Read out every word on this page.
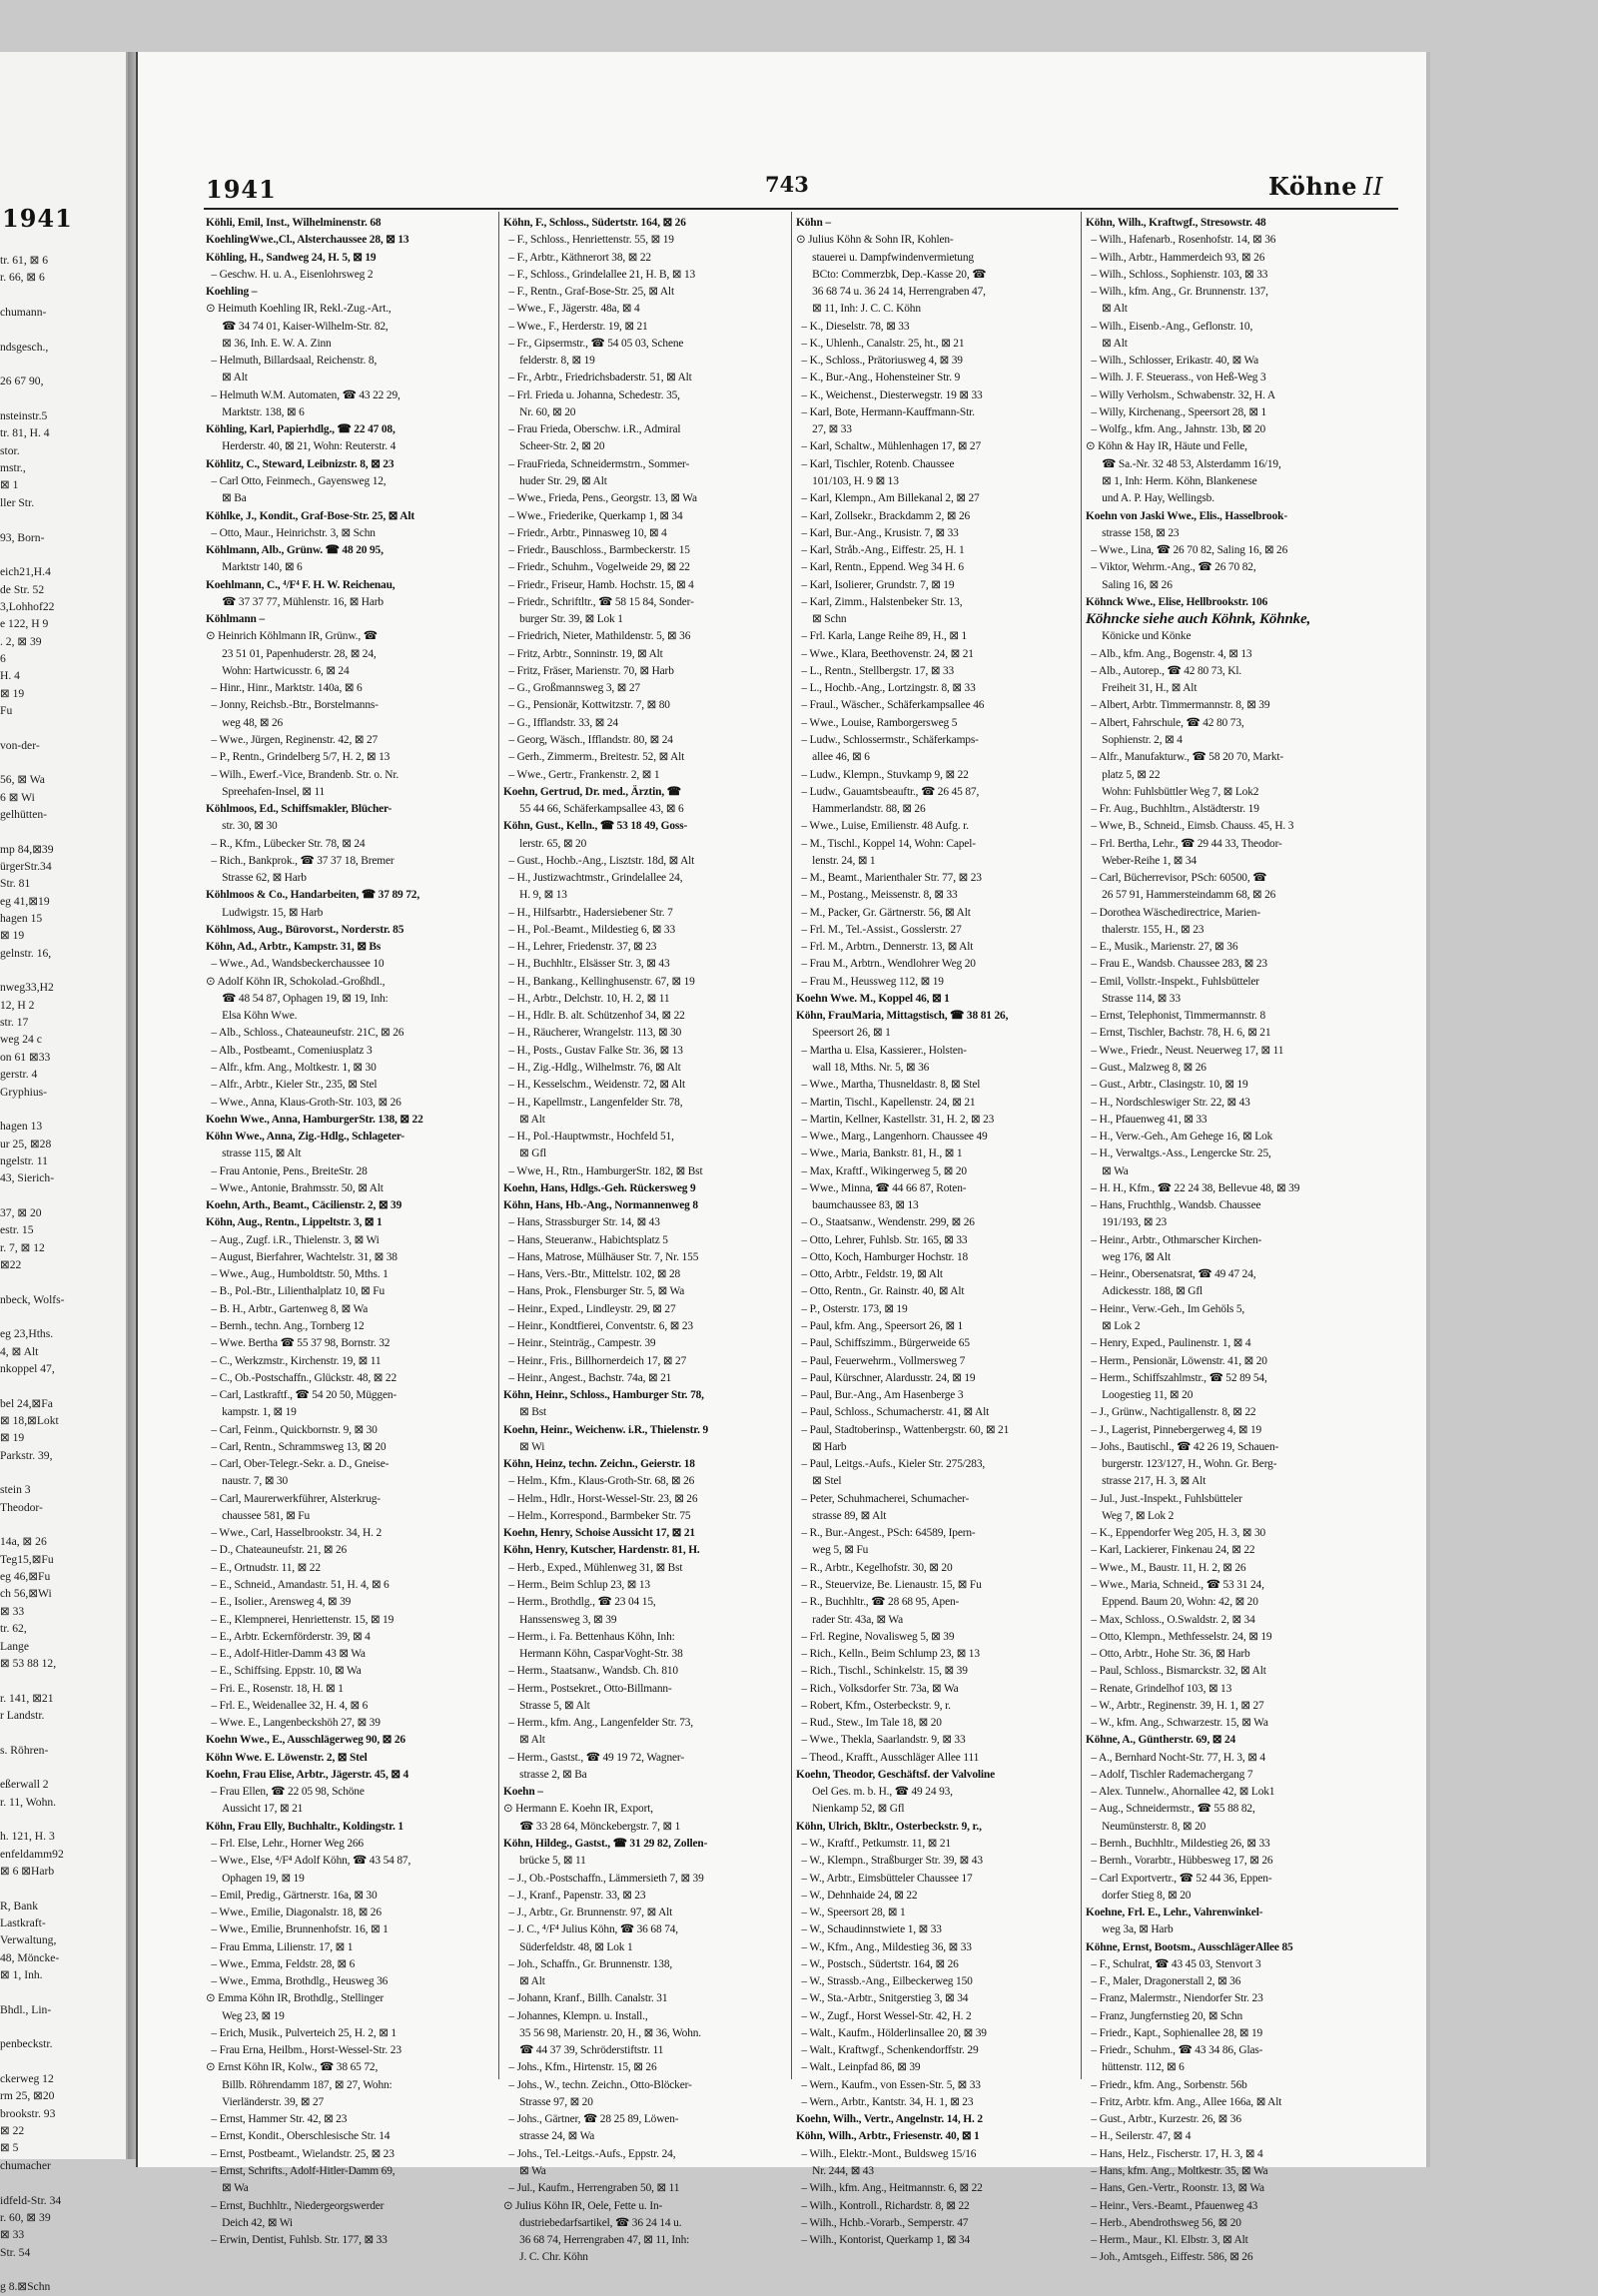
1941
tr. 61, ⊠ 6
r. 66, ⊠ 6

chumann-

ndsgesch.,

26 67 90,

nsteinstr.5
tr. 81, H. 4
stor.
mstr.,
⊠ 1
ller Str.

93, Born-

eich21,H.4
de Str. 52
3,Lohhof22
e 122, H 9
. 2, ⊠ 39
6
H. 4
⊠ 19
Fu

von-der-

56, ⊠ Wa
6 ⊠ Wi
gelhütten-

mp 84,⊠39
ürgerStr.34
Str. 81
eg 41,⊠19
hagen 15
⊠ 19
gelnstr. 16,

nweg33,H2
12, H 2
str. 17
weg 24 c
on 61 ⊠33
gerstr. 4
Gryphius-

hagen 13
ur 25, ⊠28
ngelstr. 11
43, Sierich-

37, ⊠ 20
estr. 15
r. 7, ⊠ 12
⊠22

nbeck, Wolfs-

eg 23,Hths.
4, ⊠ Alt
nkoppel 47,

bel 24,⊠Fa
⊠ 18,⊠Lokt
⊠ 19
Parkstr. 39,

stein 3
Theodor-

14a, ⊠ 26
Teg15,⊠Fu
eg 46,⊠Fu
ch 56,⊠Wi
⊠ 33
tr. 62,
Lange
⊠ 53 88 12,

r. 141, ⊠21
r Landstr.

s. Röhren-

eßerwall 2
r. 11, Wohn.

h. 121, H. 3
enfeldamm92
⊠ 6 ⊠Harb

R, Bank
Lastkraft-
Verwaltung,
48, Möncke-
⊠ 1, Inh.

Bhdl., Lin-

penbeckstr.

ckerweg 12
rm 25, ⊠20
brookstr. 93
⊠ 22
⊠ 5
chumacher

idfeld-Str. 34
r. 60, ⊠ 39
⊠ 33
Str. 54

g 8.⊠Schn
1941	743	Köhne II
Köhli, Emil, Inst., Wilhelminenstr. 68
KoehlingWwe.,Cl., Alsterchaussee 28, ⊠ 13
Köhling, H., Sandweg 24, H. 5, ⊠ 19
– Geschw. H. u. A., Eisenlohrsweg 2
Koehling –
⊙ Heimuth Koehling IR, Rekl.-Zug.-Art.,
☎ 34 74 01, Kaiser-Wilhelm-Str. 82,
⊠ 36, Inh. E. W. A. Zinn
– Helmuth, Billardsaal, Reichenstr. 8,
⊠ Alt
– Helmuth W.M. Automaten, ☎ 43 22 29,
Marktstr. 138, ⊠ 6
Köhling, Karl, Papierhdlg., ☎ 22 47 08,
Herderstr. 40, ⊠ 21, Wohn: Reuterstr. 4
Köhlitz, C., Steward, Leibnizstr. 8, ⊠ 23
– Carl Otto, Feinmech., Gayensweg 12,
⊠ Ba
Köhlke, J., Kondit., Graf-Bose-Str. 25, ⊠ Alt
– Otto, Maur., Heinrichstr. 3, ⊠ Schn
Köhlmann, Alb., Grünw. ☎ 48 20 95,
Marktstr 140, ⊠ 6
Koehlmann, C., ⁴/F⁴ F. H. W. Reichenau,
☎ 37 37 77, Mühlenstr. 16, ⊠ Harb
Köhlmann –
⊙ Heinrich Köhlmann IR, Grünw., ☎
23 51 01, Papenhuderstr. 28, ⊠ 24,
Wohn: Hartwicusstr. 6, ⊠ 24
– Hinr., Hinr., Marktstr. 140a, ⊠ 6
– Jonny, Reichsb.-Btr., Borstelmanns-
weg 48, ⊠ 26
– Wwe., Jürgen, Reginenstr. 42, ⊠ 27
– P., Rentn., Grindelberg 5/7, H. 2, ⊠ 13
– Wilh., Ewerf.-Vice, Brandenb. Str. o. Nr.
Spreehafen-Insel, ⊠ 11
Köhlmoos, Ed., Schiffsmakler, Blücher-
str. 30, ⊠ 30
– R., Kfm., Lübecker Str. 78, ⊠ 24
– Rich., Bankprok., ☎ 37 37 18, Bremer
Strasse 62, ⊠ Harb
Köhlmoos & Co., Handarbeiten, ☎ 37 89 72,
Ludwigstr. 15, ⊠ Harb
Köhlmoss, Aug., Bürovorst., Norderstr. 85
Köhn, Ad., Arbtr., Kampstr. 31, ⊠ Bs
– Wwe., Ad., Wandsbeckerchaussee 10
⊙ Adolf Köhn IR, Schokolad.-Großhdl.,
☎ 48 54 87, Ophagen 19, ⊠ 19, Inh:
Elsa Köhn Wwe.
– Alb., Schloss., Chateauneufstr. 21C, ⊠ 26
– Alb., Postbeamt., Comeniusplatz 3
– Alfr., kfm. Ang., Moltkestr. 1, ⊠ 30
– Alfr., Arbtr., Kieler Str., 235, ⊠ Stel
– Wwe., Anna, Klaus-Groth-Str. 103, ⊠ 26
Koehn Wwe., Anna, HamburgerStr. 138, ⊠ 22
Köhn Wwe., Anna, Zig.-Hdlg., Schlageter-
strasse 115, ⊠ Alt
– Frau Antonie, Pens., BreiteStr. 28
– Wwe., Antonie, Brahmsstr. 50, ⊠ Alt
Koehn, Arth., Beamt., Cäcilienstr. 2, ⊠ 39
Köhn, Aug., Rentn., Lippeltstr. 3, ⊠ 1
– Aug., Zugf. i.R., Thielenstr. 3, ⊠ Wi
– August, Bierfahrer, Wachtelstr. 31, ⊠ 38
– Wwe., Aug., Humboldtstr. 50, Mths. 1
– B., Pol.-Btr., Lilienthalplatz 10, ⊠ Fu
– B. H., Arbtr., Gartenweg 8, ⊠ Wa
– Bernh., techn. Ang., Tornberg 12
– Wwe. Bertha ☎ 55 37 98, Bornstr. 32
– C., Werkzmstr., Kirchenstr. 19, ⊠ 11
– C., Ob.-Postschaffn., Glückstr. 48, ⊠ 22
– Carl, Lastkraftf., ☎ 54 20 50, Müggen-
kampstr. 1, ⊠ 19
– Carl, Feinm., Quickbornstr. 9, ⊠ 30
– Carl, Rentn., Schrammsweg 13, ⊠ 20
– Carl, Ober-Telegr.-Sekr. a. D., Gneise-
naustr. 7, ⊠ 30
– Carl, Maurerwerkführer, Alsterkrug-
chaussee 581, ⊠ Fu
– Wwe., Carl, Hasselbrookstr. 34, H. 2
– D., Chateauneufstr. 21, ⊠ 26
– E., Ortnudstr. 11, ⊠ 22
– E., Schneid., Amandastr. 51, H. 4, ⊠ 6
– E., Isolier., Arensweg 4, ⊠ 39
– E., Klempnerei, Henriettenstr. 15, ⊠ 19
– E., Arbtr. Eckernförderstr. 39, ⊠ 4
– E., Adolf-Hitler-Damm 43 ⊠ Wa
– E., Schiffsing. Eppstr. 10, ⊠ Wa
– Fri. E., Rosenstr. 18, H. ⊠ 1
– Frl. E., Weidenallee 32, H. 4, ⊠ 6
– Wwe. E., Langenbeckshöh 27, ⊠ 39
Koehn Wwe., E., Ausschlägerweg 90, ⊠ 26
Köhn Wwe. E. Löwenstr. 2, ⊠ Stel
Koehn, Frau Elise, Arbtr., Jägerstr. 45, ⊠ 4
– Frau Ellen, ☎ 22 05 98, Schöne
Aussicht 17, ⊠ 21
Köhn, Frau Elly, Buchhaltr., Koldingstr. 1
– Frl. Else, Lehr., Horner Weg 266
– Wwe., Else, ⁴/F⁴ Adolf Köhn, ☎ 43 54 87,
Ophagen 19, ⊠ 19
– Emil, Predig., Gärtnerstr. 16a, ⊠ 30
– Wwe., Emilie, Diagonalstr. 18, ⊠ 26
– Wwe., Emilie, Brunnenhofstr. 16, ⊠ 1
– Frau Emma, Lilienstr. 17, ⊠ 1
– Wwe., Emma, Feldstr. 28, ⊠ 6
– Wwe., Emma, Brothdlg., Heusweg 36
⊙ Emma Köhn IR, Brothdlg., Stellinger
Weg 23, ⊠ 19
– Erich, Musik., Pulverteich 25, H. 2, ⊠ 1
– Frau Erna, Heilbm., Horst-Wessel-Str. 23
⊙ Ernst Köhn IR, Kolw., ☎ 38 65 72,
Billb. Röhrendamm 187, ⊠ 27, Wohn:
Vierländerstr. 39, ⊠ 27
– Ernst, Hammer Str. 42, ⊠ 23
– Ernst, Kondit., Oberschlesische Str. 14
– Ernst, Postbeamt., Wielandstr. 25, ⊠ 23
– Ernst, Schrifts., Adolf-Hitler-Damm 69,
⊠ Wa
– Ernst, Buchhltr., Niedergeorgswerder
Deich 42, ⊠ Wi
– Erwin, Dentist, Fuhlsb. Str. 177, ⊠ 33
Köhn, F., Schloss., Südertstr. 164, ⊠ 26
– F., Schloss., Henriettenstr. 55, ⊠ 19
– F., Arbtr., Käthnerort 38, ⊠ 22
– F., Schloss., Grindelallee 21, H. B, ⊠ 13
– F., Rentn., Graf-Bose-Str. 25, ⊠ Alt
– Wwe., F., Jägerstr. 48a, ⊠ 4
– Wwe., F., Herderstr. 19, ⊠ 21
– Fr., Gipsermstr., ☎ 54 05 03, Schene
felderstr. 8, ⊠ 19
– Fr., Arbtr., Friedrichsbaderstr. 51, ⊠ Alt
– Frl. Frieda u. Johanna, Schedestr. 35,
Nr. 60, ⊠ 20
– Frau Frieda, Oberschw. i.R., Admiral
Scheer-Str. 2, ⊠ 20
– FrauFrieda, Schneidermstrn., Sommer-
huder Str. 29, ⊠ Alt
– Wwe., Frieda, Pens., Georgstr. 13, ⊠ Wa
– Wwe., Friederike, Querkamp 1, ⊠ 34
– Friedr., Arbtr., Pinnasweg 10, ⊠ 4
– Friedr., Bauschloss., Barmbeckerstr. 15
– Friedr., Schuhm., Vogelweide 29, ⊠ 22
– Friedr., Friseur, Hamb. Hochstr. 15, ⊠ 4
– Friedr., Schriftltr., ☎ 58 15 84, Sonder-
burger Str. 39, ⊠ Lok 1
– Friedrich, Nieter, Mathildenstr. 5, ⊠ 36
– Fritz, Arbtr., Sonninstr. 19, ⊠ Alt
– Fritz, Fräser, Marienstr. 70, ⊠ Harb
– G., Großmannsweg 3, ⊠ 27
– G., Pensionär, Kottwitzstr. 7, ⊠ 80
– G., Ifflandstr. 33, ⊠ 24
– Georg, Wäsch., Ifflandstr. 80, ⊠ 24
– Gerh., Zimmerm., Breitestr. 52, ⊠ Alt
– Wwe., Gertr., Frankenstr. 2, ⊠ 1
Koehn, Gertrud, Dr. med., Ärztin, ☎
55 44 66, Schäferkampsallee 43, ⊠ 6
Köhn, Gust., Kelln., ☎ 53 18 49, Goss-
lerstr. 65, ⊠ 20
– Gust., Hochb.-Ang., Lisztstr. 18d, ⊠ Alt
– H., Justizwachtmstr., Grindelallee 24,
H. 9, ⊠ 13
– H., Hilfsarbtr., Hadersiebener Str. 7
– H., Pol.-Beamt., Mildestieg 6, ⊠ 33
– H., Lehrer, Friedenstr. 37, ⊠ 23
– H., Buchhltr., Elsässer Str. 3, ⊠ 43
– H., Bankang., Kellinghusenstr. 67, ⊠ 19
– H., Arbtr., Delchstr. 10, H. 2, ⊠ 11
– H., Hdlr. B. alt. Schützenhof 34, ⊠ 22
– H., Räucherer, Wrangelstr. 113, ⊠ 30
– H., Posts., Gustav Falke Str. 36, ⊠ 13
– H., Zig.-Hdlg., Wilhelmstr. 76, ⊠ Alt
– H., Kesselschm., Weidenstr. 72, ⊠ Alt
– H., Kapellmstr., Langenfelder Str. 78,
⊠ Alt
– H., Pol.-Hauptwmstr., Hochfeld 51,
⊠ Gfl
– Wwe, H., Rtn., HamburgerStr. 182, ⊠ Bst
Koehn, Hans, Hdlgs.-Geh. Rückersweg 9
Köhn, Hans, Hb.-Ang., Normannenweg 8
– Hans, Strassburger Str. 14, ⊠ 43
– Hans, Steueranw., Habichtsplatz 5
– Hans, Matrose, Mülhäuser Str. 7, Nr. 155
– Hans, Vers.-Btr., Mittelstr. 102, ⊠ 28
– Hans, Prok., Flensburger Str. 5, ⊠ Wa
– Heinr., Exped., Lindleystr. 29, ⊠ 27
– Heinr., Kondtfierei, Conventstr. 6, ⊠ 23
– Heinr., Steinträg., Campestr. 39
– Heinr., Fris., Billhornerdeich 17, ⊠ 27
– Heinr., Angest., Bachstr. 74a, ⊠ 21
Köhn, Heinr., Schloss., Hamburger Str. 78,
⊠ Bst
Koehn, Heinr., Weichenw. i.R., Thielenstr. 9
⊠ Wi
Köhn, Heinz, techn. Zeichn., Geierstr. 18
– Helm., Kfm., Klaus-Groth-Str. 68, ⊠ 26
– Helm., Hdlr., Horst-Wessel-Str. 23, ⊠ 26
– Helm., Korrespond., Barmbeker Str. 75
Koehn, Henry, Schoise Aussicht 17, ⊠ 21
Köhn, Henry, Kutscher, Hardenstr. 81, H.
– Herb., Exped., Mühlenweg 31, ⊠ Bst
– Herm., Beim Schlup 23, ⊠ 13
– Herm., Brothdlg., ☎ 23 04 15,
Hanssensweg 3, ⊠ 39
– Herm., i. Fa. Bettenhaus Köhn, Inh:
Hermann Köhn, CasparVoght-Str. 38
– Herm., Staatsanw., Wandsb. Ch. 810
– Herm., Postsekret., Otto-Billmann-
Strasse 5, ⊠ Alt
– Herm., kfm. Ang., Langenfelder Str. 73,
⊠ Alt
– Herm., Gastst., ☎ 49 19 72, Wagner-
strasse 2, ⊠ Ba
Koehn –
⊙ Hermann E. Koehn IR, Export,
☎ 33 28 64, Mönckebergstr. 7, ⊠ 1
Köhn, Hildeg., Gastst., ☎ 31 29 82, Zollen-
brücke 5, ⊠ 11
– J., Ob.-Postschaffn., Lämmersieth 7, ⊠ 39
– J., Kranf., Papenstr. 33, ⊠ 23
– J., Arbtr., Gr. Brunnenstr. 97, ⊠ Alt
– J. C., ⁴/F⁴ Julius Köhn, ☎ 36 68 74,
Süderfeldstr. 48, ⊠ Lok 1
– Joh., Schaffn., Gr. Brunnenstr. 138,
⊠ Alt
– Johann, Kranf., Billh. Canalstr. 31
– Johannes, Klempn. u. Install.,
35 56 98, Marienstr. 20, H., ⊠ 36, Wohn.
☎ 44 37 39, Schröderstiftstr. 11
– Johs., Kfm., Hirtenstr. 15, ⊠ 26
– Johs., W., techn. Zeichn., Otto-Blöcker-
Strasse 97, ⊠ 20
– Johs., Gärtner, ☎ 28 25 89, Löwen-
strasse 24, ⊠ Wa
– Johs., Tel.-Leitgs.-Aufs., Eppstr. 24,
⊠ Wa
– Jul., Kaufm., Herrengraben 50, ⊠ 11
⊙ Julius Köhn IR, Oele, Fette u. In-
dustriebedarfsartikel, ☎ 36 24 14 u.
36 68 74, Herrengraben 47, ⊠ 11, Inh:
J. C. Chr. Köhn
Köhn –
⊙ Julius Köhn & Sohn IR, Kohlen-
stauerei u. Dampfwindenvermietung
BCto: Commerzbk, Dep.-Kasse 20, ☎
36 68 74 u. 36 24 14, Herrengraben 47,
⊠ 11, Inh: J. C. C. Köhn
– K., Dieselstr. 78, ⊠ 33
– K., Uhlenh., Canalstr. 25, ht., ⊠ 21
– K., Schloss., Prätoriusweg 4, ⊠ 39
– K., Bur.-Ang., Hohensteiner Str. 9
– K., Weichenst., Diesterwegstr. 19 ⊠ 33
– Karl, Bote, Hermann-Kauffmann-Str.
27, ⊠ 33
– Karl, Schaltw., Mühlenhagen 17, ⊠ 27
– Karl, Tischler, Rotenb. Chaussee
101/103, H. 9 ⊠ 13
– Karl, Klempn., Am Billekanal 2, ⊠ 27
– Karl, Zollsekr., Brackdamm 2, ⊠ 26
– Karl, Bur.-Ang., Krusistr. 7, ⊠ 33
– Karl, Stråb.-Ang., Eiffestr. 25, H. 1
– Karl, Rentn., Eppend. Weg 34 H. 6
– Karl, Isolierer, Grundstr. 7, ⊠ 19
– Karl, Zimm., Halstenbeker Str. 13,
⊠ Schn
– Frl. Karla, Lange Reihe 89, H., ⊠ 1
– Wwe., Klara, Beethovenstr. 24, ⊠ 21
– L., Rentn., Stellbergstr. 17, ⊠ 33
– L., Hochb.-Ang., Lortzingstr. 8, ⊠ 33
– Fraul., Wäscher., Schäferkampsallee 46
– Wwe., Louise, Ramborgersweg 5
– Ludw., Schlossermstr., Schäferkamps-
allee 46, ⊠ 6
– Ludw., Klempn., Stuvkamp 9, ⊠ 22
– Ludw., Gauamtsbeauftr., ☎ 26 45 87,
Hammerlandstr. 88, ⊠ 26
– Wwe., Luise, Emilienstr. 48 Aufg. r.
– M., Tischl., Koppel 14, Wohn: Capel-
lenstr. 24, ⊠ 1
– M., Beamt., Marienthaler Str. 77, ⊠ 23
– M., Postang., Meissenstr. 8, ⊠ 33
– M., Packer, Gr. Gärtnerstr. 56, ⊠ Alt
– Frl. M., Tel.-Assist., Gosslerstr. 27
– Frl. M., Arbtrn., Dennerstr. 13, ⊠ Alt
– Frau M., Arbtrn., Wendlohrer Weg 20
– Frau M., Heussweg 112, ⊠ 19
Koehn Wwe. M., Koppel 46, ⊠ 1
Köhn, FrauMaria, Mittagstisch, ☎ 38 81 26,
Speersort 26, ⊠ 1
– Martha u. Elsa, Kassierer., Holsten-
wall 18, Mths. Nr. 5, ⊠ 36
– Wwe., Martha, Thusneldastr. 8, ⊠ Stel
– Martin, Tischl., Kapellenstr. 24, ⊠ 21
– Martin, Kellner, Kastellstr. 31, H. 2, ⊠ 23
– Wwe., Marg., Langenhorn. Chaussee 49
– Wwe., Maria, Bankstr. 81, H., ⊠ 1
– Max, Kraftf., Wikingerweg 5, ⊠ 20
– Wwe., Minna, ☎ 44 66 87, Roten-
baumchaussee 83, ⊠ 13
– O., Staatsanw., Wendenstr. 299, ⊠ 26
– Otto, Lehrer, Fuhlsb. Str. 165, ⊠ 33
– Otto, Koch, Hamburger Hochstr. 18
– Otto, Arbtr., Feldstr. 19, ⊠ Alt
– Otto, Rentn., Gr. Rainstr. 40, ⊠ Alt
– P., Osterstr. 173, ⊠ 19
– Paul, kfm. Ang., Speersort 26, ⊠ 1
– Paul, Schiffszimm., Bürgerweide 65
– Paul, Feuerwehrm., Vollmersweg 7
– Paul, Kürschner, Alardusstr. 24, ⊠ 19
– Paul, Bur.-Ang., Am Hasenberge 3
– Paul, Schloss., Schumacherstr. 41, ⊠ Alt
– Paul, Stadtoberinsp., Wattenbergstr. 60, ⊠ 21
⊠ Harb
– Paul, Leitgs.-Aufs., Kieler Str. 275/283,
⊠ Stel
– Peter, Schuhmacherei, Schumacher-
strasse 89, ⊠ Alt
– R., Bur.-Angest., PSch: 64589, Ipern-
weg 5, ⊠ Fu
– R., Arbtr., Kegelhofstr. 30, ⊠ 20
– R., Steuervize, Be. Lienaustr. 15, ⊠ Fu
– R., Buchhltr., ☎ 28 68 95, Apen-
rader Str. 43a, ⊠ Wa
– Frl. Regine, Novalisweg 5, ⊠ 39
– Rich., Kelln., Beim Schlump 23, ⊠ 13
– Rich., Tischl., Schinkelstr. 15, ⊠ 39
– Rich., Volksdorfer Str. 73a, ⊠ Wa
– Robert, Kfm., Osterbeckstr. 9, r.
– Rud., Stew., Im Tale 18, ⊠ 20
– Wwe., Thekla, Saarlandstr. 9, ⊠ 33
– Theod., Krafft., Ausschläger Allee 111
Koehn, Theodor, Geschäftsf. der Valvoline
Oel Ges. m. b. H., ☎ 49 24 93,
Nienkamp 52, ⊠ Gfl
Köhn, Ulrich, Bkltr., Osterbeckstr. 9, r.,
– W., Kraftf., Petkumstr. 11, ⊠ 21
– W., Klempn., Straßburger Str. 39, ⊠ 43
– W., Arbtr., Eimsbütteler Chaussee 17
– W., Dehnhaide 24, ⊠ 22
– W., Speersort 28, ⊠ 1
– W., Schaudinnstwiete 1, ⊠ 33
– W., Kfm., Ang., Mildestieg 36, ⊠ 33
– W., Postsch., Südertstr. 164, ⊠ 26
– W., Strassb.-Ang., Eilbeckerweg 150
– W., Sta.-Arbtr., Snitgerstieg 3, ⊠ 34
– W., Zugf., Horst Wessel-Str. 42, H. 2
– Walt., Kaufm., Hölderlinsallee 20, ⊠ 39
– Walt., Kraftwgf., Schenkendorffstr. 29
– Walt., Leinpfad 86, ⊠ 39
– Wern., Kaufm., von Essen-Str. 5, ⊠ 33
– Wern., Arbtr., Kantstr. 34, H. 1, ⊠ 23
Koehn, Wilh., Vertr., Angelnstr. 14, H. 2
Köhn, Wilh., Arbtr., Friesenstr. 40, ⊠ 1
– Wilh., Elektr.-Mont., Buldsweg 15/16
Nr. 244, ⊠ 43
– Wilh., kfm. Ang., Heitmannstr. 6, ⊠ 22
– Wilh., Kontroll., Richardstr. 8, ⊠ 22
– Wilh., Hchb.-Vorarb., Semperstr. 47
– Wilh., Kontorist, Querkamp 1, ⊠ 34
Köhn, Wilh., Kraftwgf., Stresowstr. 48
– Wilh., Hafenarb., Rosenhofstr. 14, ⊠ 36
– Wilh., Arbtr., Hammerdeich 93, ⊠ 26
– Wilh., Schloss., Sophienstr. 103, ⊠ 33
– Wilh., kfm. Ang., Gr. Brunnenstr. 137,
⊠ Alt
– Wilh., Eisenb.-Ang., Geflonstr. 10,
⊠ Alt
– Wilh., Schlosser, Erikastr. 40, ⊠ Wa
– Wilh. J. F. Steuerass., von Heß-Weg 3
– Willy Verholsm., Schwabenstr. 32, H. A
– Willy, Kirchenang., Speersort 28, ⊠ 1
– Wolfg., kfm. Ang., Jahnstr. 13b, ⊠ 20
⊙ Köhn & Hay IR, Häute und Felle,
☎ Sa.-Nr. 32 48 53, Alsterdamm 16/19,
⊠ 1, Inh: Herm. Köhn, Blankenese
und A. P. Hay, Wellingsb.
Koehn von Jaski Wwe., Elis., Hasselbrook-
strasse 158, ⊠ 23
– Wwe., Lina, ☎ 26 70 82, Saling 16, ⊠ 26
– Viktor, Wehrm.-Ang., ☎ 26 70 82,
Saling 16, ⊠ 26
Köhnck Wwe., Elise, Hellbrookstr. 106
Köhncke siehe auch Köhnk, Köhnke,
Könicke und Könke
– Alb., kfm. Ang., Bogenstr. 4, ⊠ 13
– Alb., Autorep., ☎ 42 80 73, Kl.
Freiheit 31, H., ⊠ Alt
– Albert, Arbtr. Timmermannstr. 8, ⊠ 39
– Albert, Fahrschule, ☎ 42 80 73,
Sophienstr. 2, ⊠ 4
– Alfr., Manufakturw., ☎ 58 20 70, Markt-
platz 5, ⊠ 22
Wohn: Fuhlsbüttler Weg 7, ⊠ Lok2
– Fr. Aug., Buchhltrn., Alstädterstr. 19
– Wwe, B., Schneid., Eimsb. Chauss. 45, H. 3
– Frl. Bertha, Lehr., ☎ 29 44 33, Theodor-
Weber-Reihe 1, ⊠ 34
– Carl, Bücherrevisor, PSch: 60500, ☎
26 57 91, Hammersteindamm 68, ⊠ 26
– Dorothea Wäschedirectrice, Marien-
thalerstr. 155, H., ⊠ 23
– E., Musik., Marienstr. 27, ⊠ 36
– Frau E., Wandsb. Chaussee 283, ⊠ 23
– Emil, Vollstr.-Inspekt., Fuhlsbütteler
Strasse 114, ⊠ 33
– Ernst, Telephonist, Timmermannstr. 8
– Ernst, Tischler, Bachstr. 78, H. 6, ⊠ 21
– Wwe., Friedr., Neust. Neuerweg 17, ⊠ 11
– Gust., Malzweg 8, ⊠ 26
– Gust., Arbtr., Clasingstr. 10, ⊠ 19
– H., Nordschleswiger Str. 22, ⊠ 43
– H., Pfauenweg 41, ⊠ 33
– H., Verw.-Geh., Am Gehege 16, ⊠ Lok
– H., Verwaltgs.-Ass., Lengercke Str. 25,
⊠ Wa
– H. H., Kfm., ☎ 22 24 38, Bellevue 48, ⊠ 39
– Hans, Fruchthlg., Wandsb. Chaussee
191/193, ⊠ 23
– Heinr., Arbtr., Othmarscher Kirchen-
weg 176, ⊠ Alt
– Heinr., Obersenatsrat, ☎ 49 47 24,
Adickesstr. 188, ⊠ Gfl
– Heinr., Verw.-Geh., Im Gehöls 5,
⊠ Lok 2
– Henry, Exped., Paulinenstr. 1, ⊠ 4
– Herm., Pensionär, Löwenstr. 41, ⊠ 20
– Herm., Schiffszahlmstr., ☎ 52 89 54,
Loogestieg 11, ⊠ 20
– J., Grünw., Nachtigallenstr. 8, ⊠ 22
– J., Lagerist, Pinnebergerweg 4, ⊠ 19
– Johs., Bautischl., ☎ 42 26 19, Schauen-
burgerstr. 123/127, H., Wohn. Gr. Berg-
strasse 217, H. 3, ⊠ Alt
– Jul., Just.-Inspekt., Fuhlsbütteler
Weg 7, ⊠ Lok 2
– K., Eppendorfer Weg 205, H. 3, ⊠ 30
– Karl, Lackierer, Finkenau 24, ⊠ 22
– Wwe., M., Baustr. 11, H. 2, ⊠ 26
– Wwe., Maria, Schneid., ☎ 53 31 24,
Eppend. Baum 20, Wohn: 42, ⊠ 20
– Max, Schloss., O.Swaldstr. 2, ⊠ 34
– Otto, Klempn., Methfesselstr. 24, ⊠ 19
– Otto, Arbtr., Hohe Str. 36, ⊠ Harb
– Paul, Schloss., Bismarckstr. 32, ⊠ Alt
– Renate, Grindelhof 103, ⊠ 13
– W., Arbtr., Reginenstr. 39, H. 1, ⊠ 27
– W., kfm. Ang., Schwarzestr. 15, ⊠ Wa
Köhne, A., Güntherstr. 69, ⊠ 24
– A., Bernhard Nocht-Str. 77, H. 3, ⊠ 4
– Adolf, Tischler Rademachergang 7
– Alex. Tunnelw., Ahornallee 42, ⊠ Lok1
– Aug., Schneidermstr., ☎ 55 88 82,
Neumünsterstr. 8, ⊠ 20
– Bernh., Buchhltr., Mildestieg 26, ⊠ 33
– Bernh., Vorarbtr., Hübbesweg 17, ⊠ 26
– Carl Exportvertr., ☎ 52 44 36, Eppen-
dorfer Stieg 8, ⊠ 20
Koehne, Frl. E., Lehr., Vahrenwinkel-
weg 3a, ⊠ Harb
Köhne, Ernst, Bootsm., AusschlägerAllee 85
– F., Schulrat, ☎ 43 45 03, Stenvort 3
– F., Maler, Dragonerstall 2, ⊠ 36
– Franz, Malermstr., Niendorfer Str. 23
– Franz, Jungfernstieg 20, ⊠ Schn
– Friedr., Kapt., Sophienallee 28, ⊠ 19
– Friedr., Schuhm., ☎ 43 34 86, Glas-
hüttenstr. 112, ⊠ 6
– Friedr., kfm. Ang., Sorbenstr. 56b
– Fritz, Arbtr. kfm. Ang., Allee 166a, ⊠ Alt
– Gust., Arbtr., Kurzestr. 26, ⊠ 36
– H., Seilerstr. 47, ⊠ 4
– Hans, Helz., Fischerstr. 17, H. 3, ⊠ 4
– Hans, kfm. Ang., Moltkestr. 35, ⊠ Wa
– Hans, Gen.-Vertr., Roonstr. 13, ⊠ Wa
– Heinr., Vers.-Beamt., Pfauenweg 43
– Herb., Abendrothsweg 56, ⊠ 20
– Herm., Maur., Kl. Elbstr. 3, ⊠ Alt
– Joh., Amtsgeh., Eiffestr. 586, ⊠ 26
